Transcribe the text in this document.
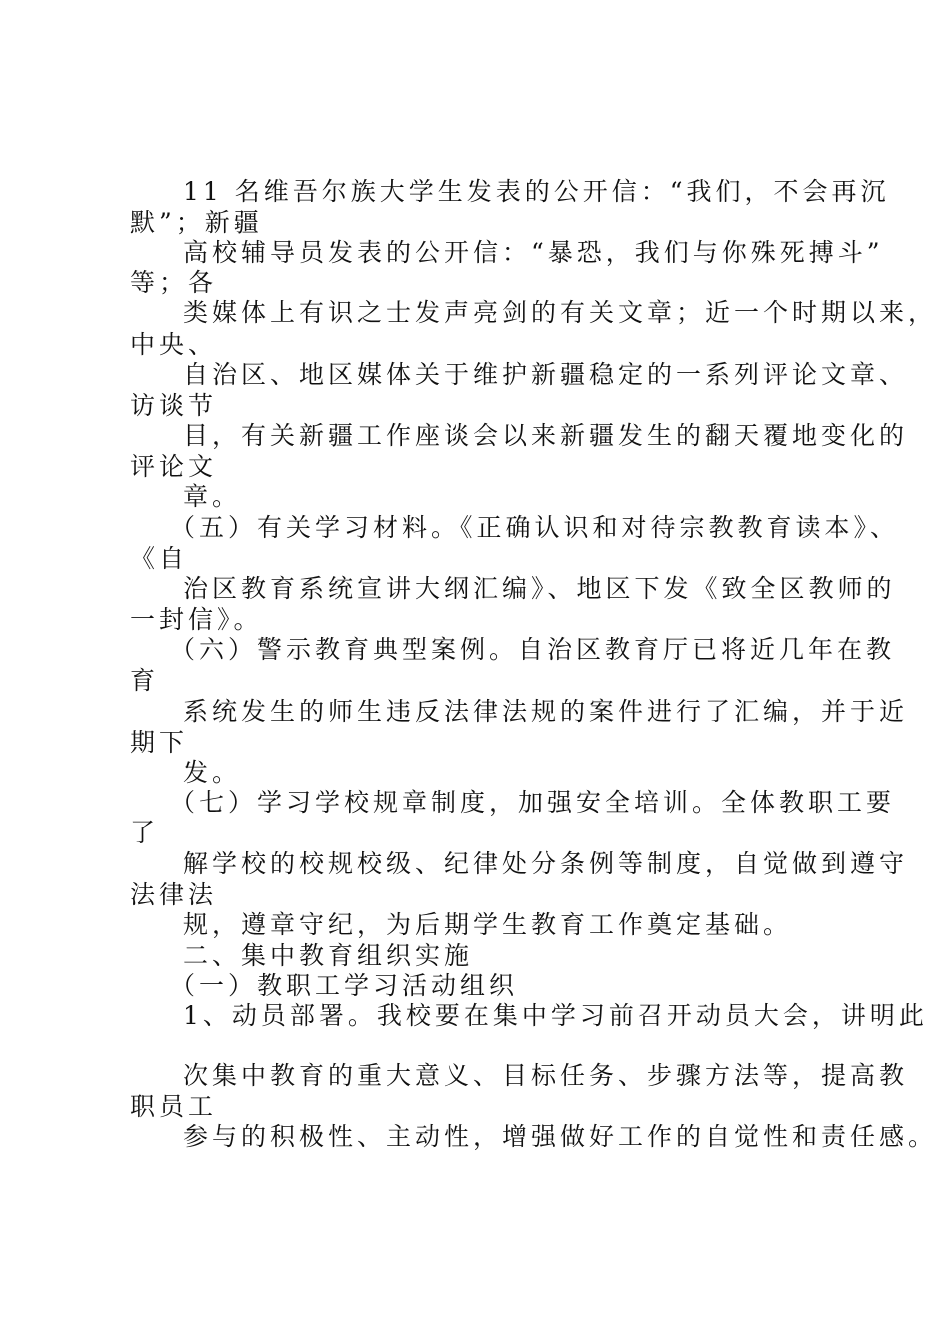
11 名维吾尔族大学生发表的公开信：“我们，不会再沉
默”；新疆
高校辅导员发表的公开信：“暴恐，我们与你殊死搏斗”
等；各
类媒体上有识之士发声亮剑的有关文章；近一个时期以来，
中央、
自治区、地区媒体关于维护新疆稳定的一系列评论文章、
访谈节
目，有关新疆工作座谈会以来新疆发生的翻天覆地变化的
评论文
章。
（五）有关学习材料。《正确认识和对待宗教教育读本》、
《自
治区教育系统宣讲大纲汇编》、地区下发《致全区教师的
一封信》。
（六）警示教育典型案例。自治区教育厅已将近几年在教
育
系统发生的师生违反法律法规的案件进行了汇编，并于近
期下
发。
（七）学习学校规章制度，加强安全培训。全体教职工要
了
解学校的校规校级、纪律处分条例等制度，自觉做到遵守
法律法
规，遵章守纪，为后期学生教育工作奠定基础。
二、集中教育组织实施
（一）教职工学习活动组织
1、动员部署。我校要在集中学习前召开动员大会，讲明此
次集中教育的重大意义、目标任务、步骤方法等，提高教
职员工
参与的积极性、主动性，增强做好工作的自觉性和责任感。
